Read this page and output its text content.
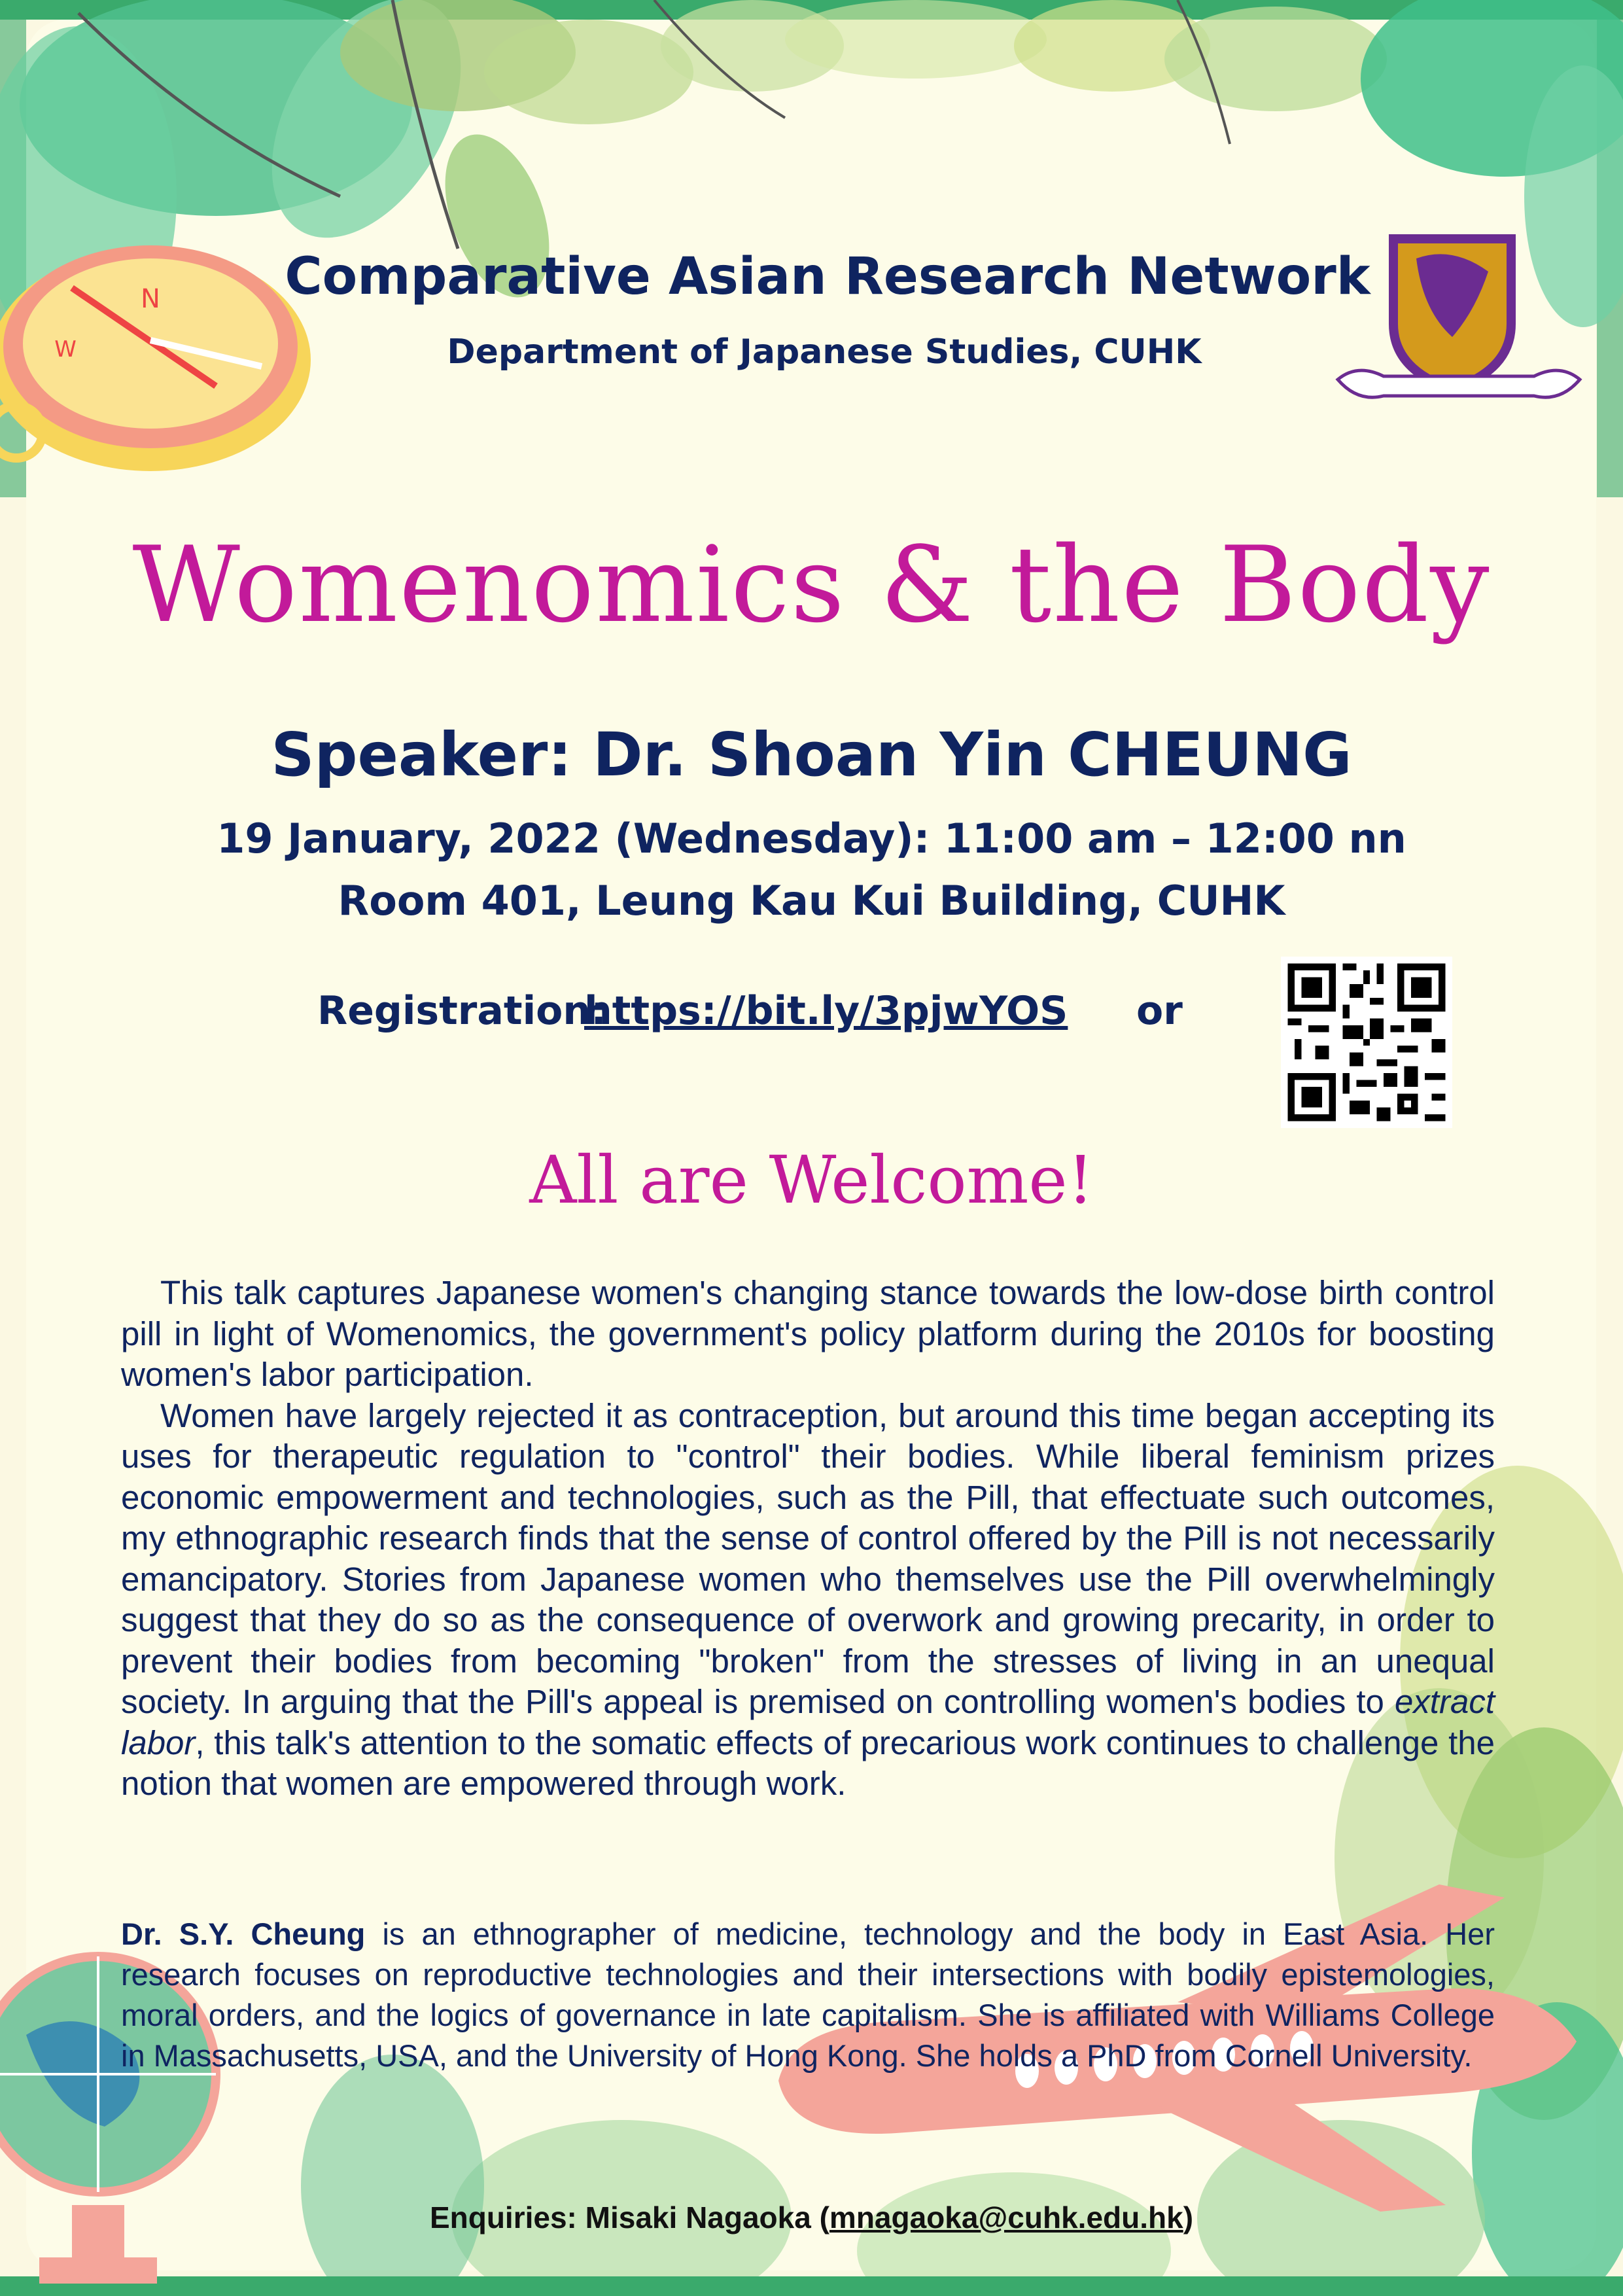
N
W
Comparative Asian Research Network
Department of Japanese Studies, CUHK
Womenomics & the Body
Speaker: Dr. Shoan Yin CHEUNG
19 January, 2022 (Wednesday): 11:00 am – 12:00 nn
Room 401, Leung Kau Kui Building, CUHK
Registration:
https://bit.ly/3pjwYOS or
All are Welcome!

This talk captures Japanese women's changing stance towards the low-dose birth control pill in light of Womenomics, the government's policy platform during the 2010s for boosting women's labor participation.

Women have largely rejected it as contraception, but around this time began accepting its uses for therapeutic regulation to "control" their bodies. While liberal feminism prizes economic empowerment and technologies, such as the Pill, that effectuate such outcomes, my ethnographic research finds that the sense of control offered by the Pill is not necessarily emancipatory. Stories from Japanese women who themselves use the Pill overwhelmingly suggest that they do so as the consequence of overwork and growing precarity, in order to prevent their bodies from becoming "broken" from the stresses of living in an unequal society. In arguing that the Pill's appeal is premised on controlling women's bodies to extract labor, this talk's attention to the somatic effects of precarious work continues to challenge the notion that women are empowered through work.

Dr. S.Y. Cheung is an ethnographer of medicine, technology and the body in East Asia. Her research focuses on reproductive technologies and their intersections with bodily epistemologies, moral orders, and the logics of governance in late capitalism. She is affiliated with Williams College in Massachusetts, USA, and the University of Hong Kong. She holds a PhD from Cornell University.

Enquiries: Misaki Nagaoka (mnagaoka@cuhk.edu.hk)
